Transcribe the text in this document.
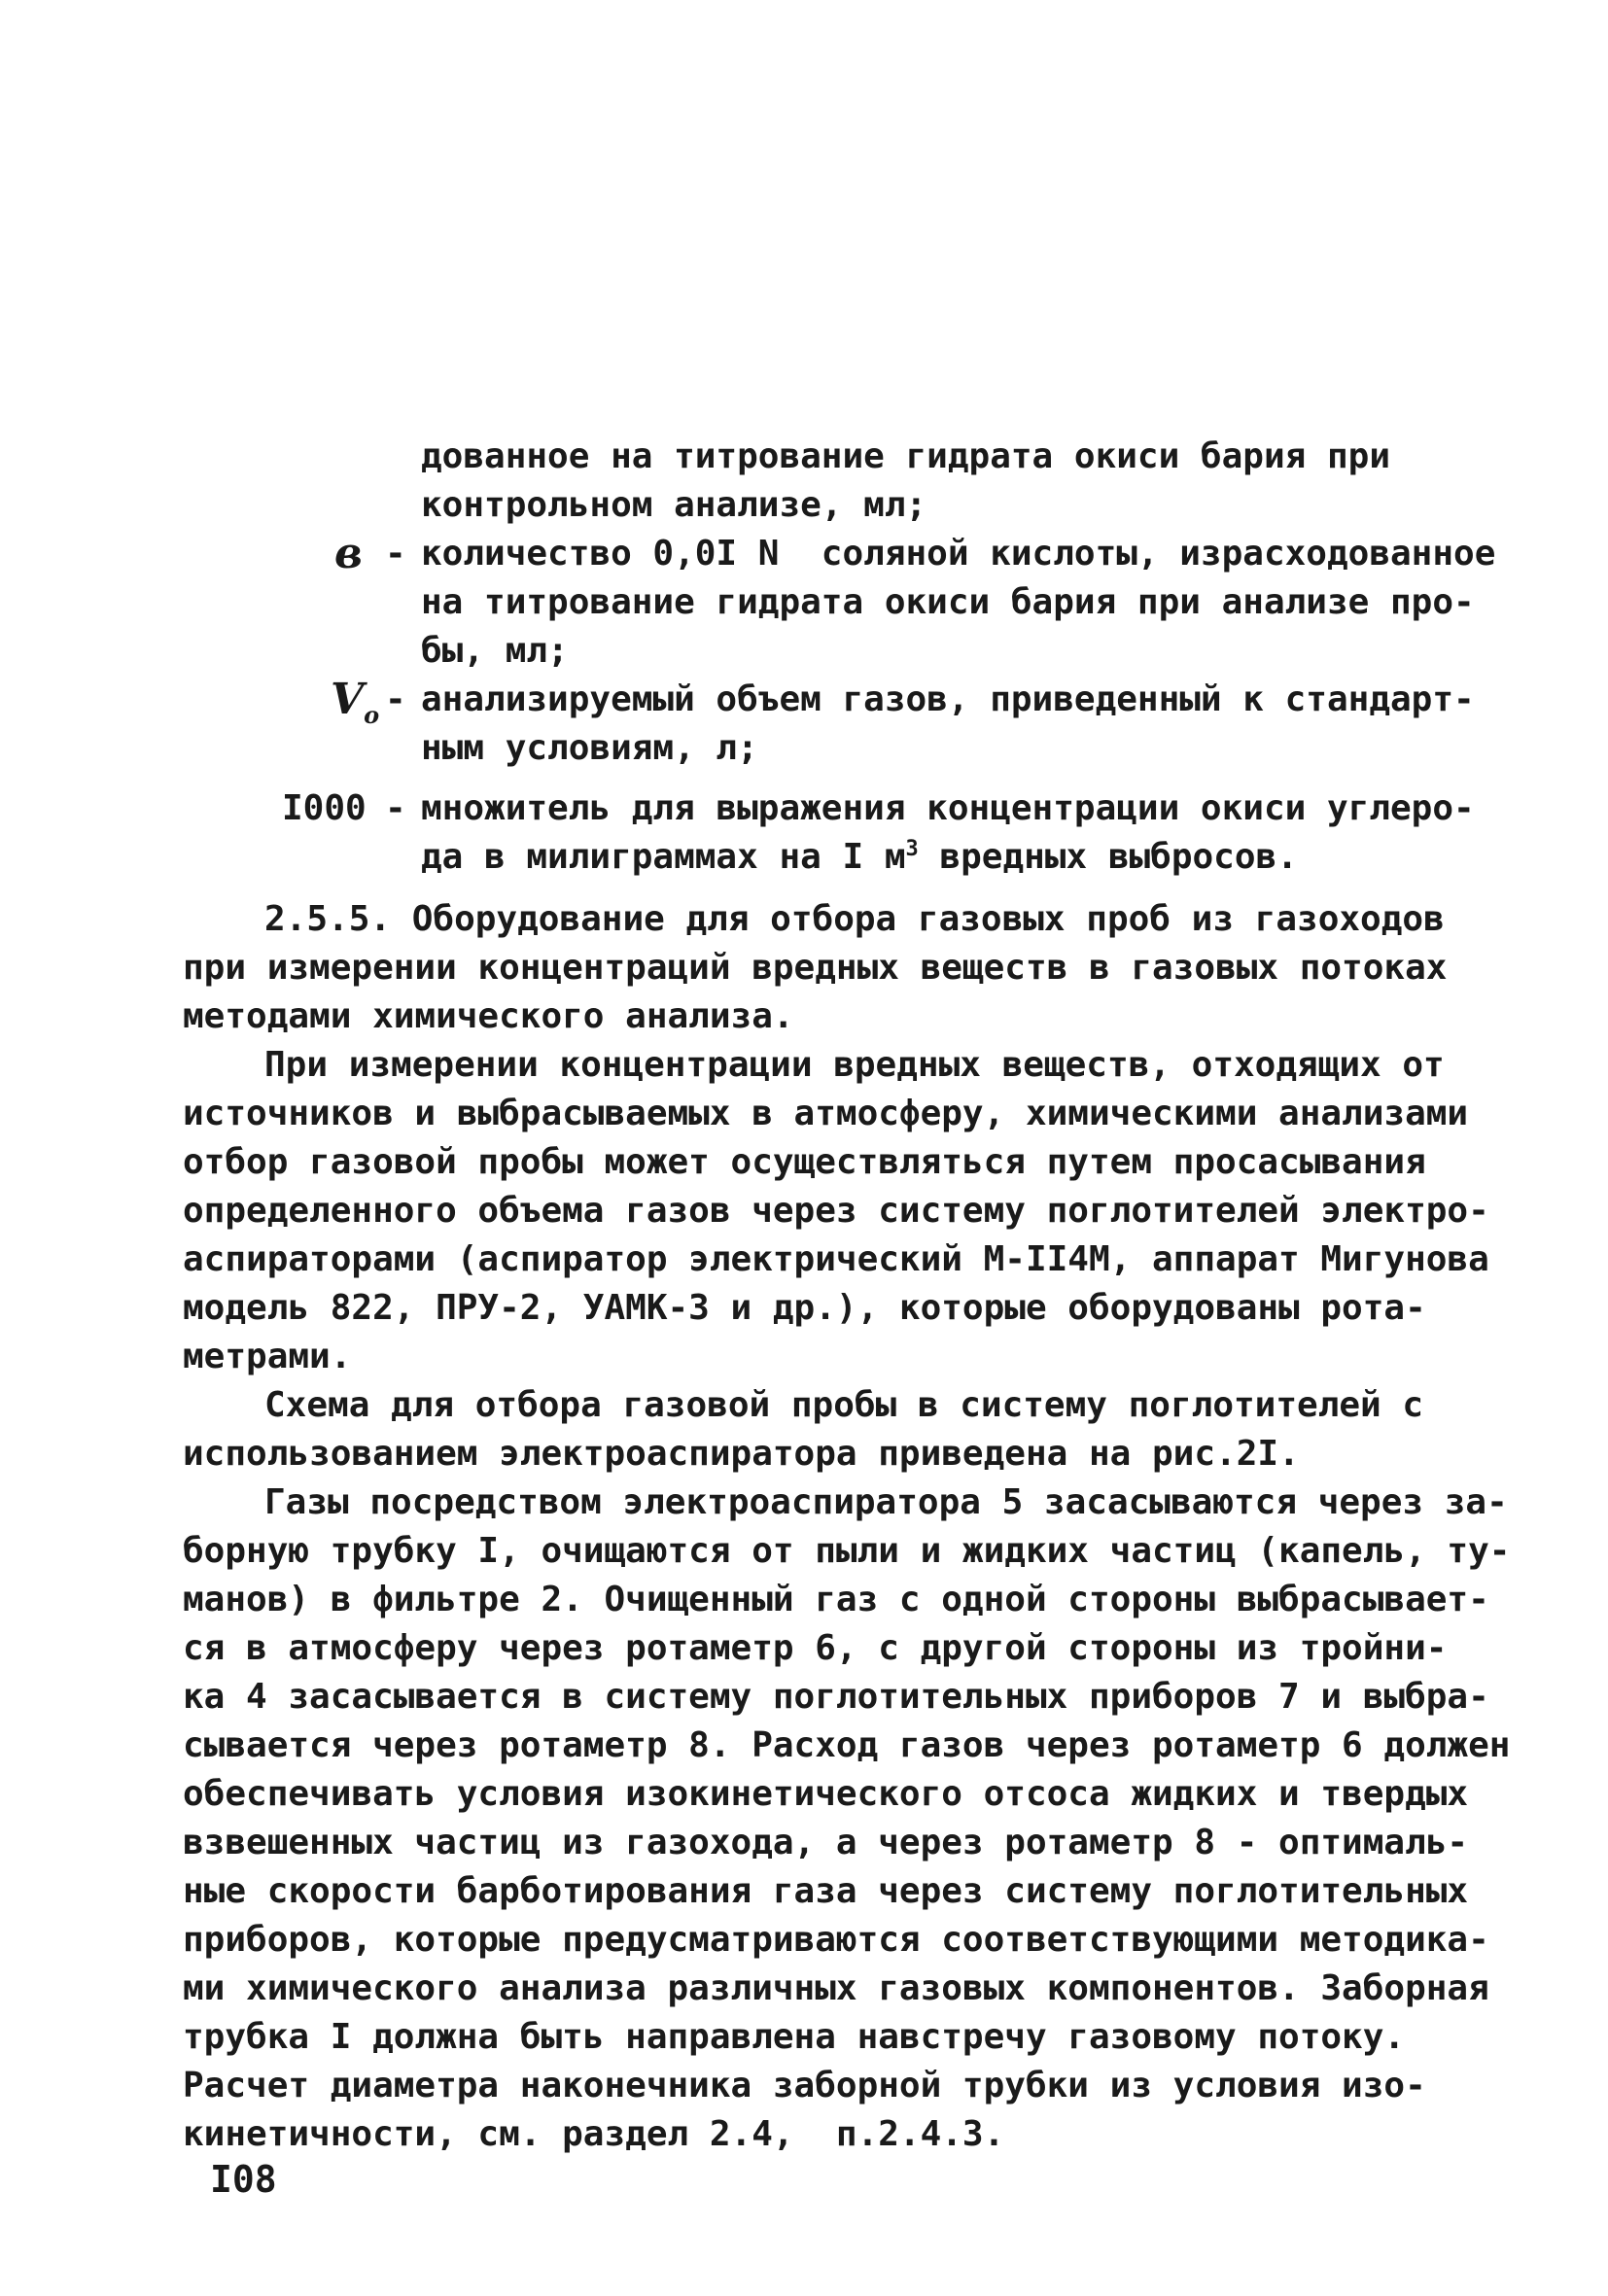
дованное на титрование гидрата окиси бария при
контрольном анализе, мл;
в - количество 0,0I N  соляной кислоты, израсходованное
на титрование гидрата окиси бария при анализе про-
бы, мл;
$V_o$ - анализируемый объем газов, приведенный к стандарт-
ным условиям, л;
I000 - множитель для выражения концентрации окиси углеро-
да в милиграммах на I $м^3$ вредных выбросов.
2.5.5. Оборудование для отбора газовых проб из газоходов
при измерении концентраций вредных веществ в газовых потоках
методами химического анализа.
При измерении концентрации вредных веществ, отходящих от
источников и выбрасываемых в атмосферу, химическими анализами
отбор газовой пробы может осуществляться путем просасывания
определенного объема газов через систему поглотителей электро-
аспираторами (аспиратор электрический М-II4М, аппарат Мигунова
модель 822, ПРУ-2, УАМК-3 и др.), которые оборудованы рота-
метрами.
Схема для отбора газовой пробы в систему поглотителей с
использованием электроаспиратора приведена на рис.2I.
Газы посредством электроаспиратора 5 засасываются через за-
борную трубку I, очищаются от пыли и жидких частиц (капель, ту-
манов) в фильтре 2. Очищенный газ с одной стороны выбрасывает-
ся в атмосферу через ротаметр 6, с другой стороны из тройни-
ка 4 засасывается в систему поглотительных приборов 7 и выбра-
сывается через ротаметр 8. Расход газов через ротаметр 6 должен
обеспечивать условия изокинетического отсоса жидких и твердых
взвешенных частиц из газохода, а через ротаметр 8 - оптималь-
ные скорости барботирования газа через систему поглотительных
приборов, которые предусматриваются соответствующими методика-
ми химического анализа различных газовых компонентов. Заборная
трубка I должна быть направлена навстречу газовому потоку.
Расчет диаметра наконечника заборной трубки из условия изо-
кинетичности, см. раздел 2.4,  п.2.4.3.
I08
